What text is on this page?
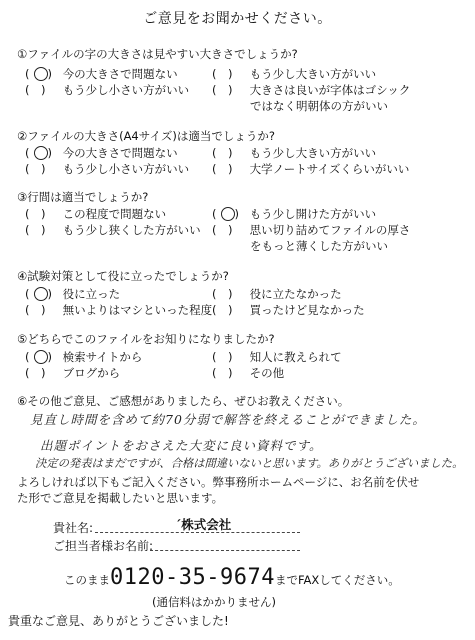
ご意見をお聞かせください。
①ファイルの字の大きさは見やすい大きさでしょうか?
( ○) 今の大きさで問題ない	(　) もう少し大きい方がいい
(　) もう少し小さい方がいい (　) 大きさは良いが字体はゴシック
ではなく明朝体の方がいい
②ファイルの大きさ(A4サイズ)は適当でしょうか?
( ○) 今の大きさで問題ない	(　) もう少し大きい方がいい
(　) もう少し小さい方がいい (　) 大学ノートサイズくらいがいい
③行間は適当でしょうか?
(　) この程度で問題ない	( ○) もう少し開けた方がいい
(　) もう少し狭くした方がいい (　) 思い切り詰めてファイルの厚さ
をもっと薄くした方がいい
④試験対策として役に立ったでしょうか?
( ○) 役に立った	(　) 役に立たなかった
(　) 無いよりはマシといった程度 (　) 買ったけど見なかった
⑤どちらでこのファイルをお知りになりましたか?
( ○) 検索サイトから	(　) 知人に教えられて
(　) ブログから	(　) その他
⑥その他ご意見、ご感想がありましたら、ぜひお教えください。
見直し時間を含めて約70分弱で解答を終えることができました。
出題ポイントをおさえた大変に良い資料です。
決定の発表はまだですが、合格は間違いないと思います。ありがとうございました。
よろしければ以下もご記入ください。弊事務所ホームページに、お名前を伏せ
た形でご意見を掲載したいと思います。
貴社名:	´株式会社
ご担当者様お名前:
このまま0120-35-9674までFAXしてください。
(通信料はかかりません)
貴重なご意見、ありがとうございました!
